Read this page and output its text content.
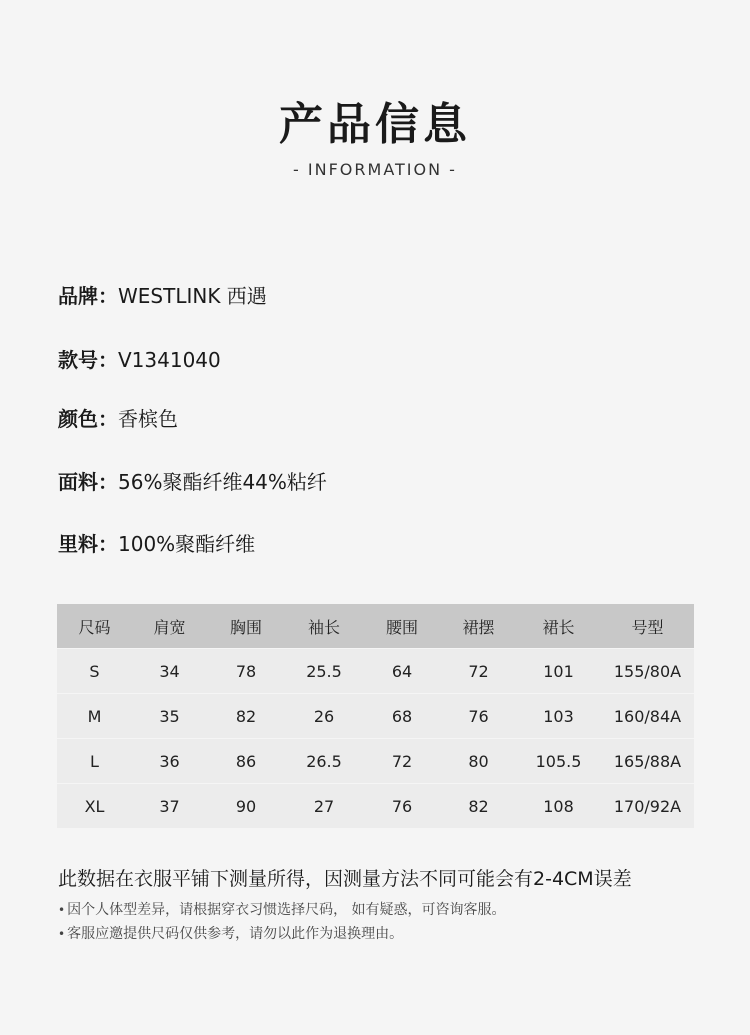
产品信息
- INFORMATION -
品牌：WESTLINK 西遇
款号：V1341040
颜色：香槟色
面料：56%聚酯纤维44%粘纤
里料：100%聚酯纤维
尺码	肩宽	胸围	袖长	腰围	裙摆	裙长	号型
S	34	78	25.5	64	72	101	155/80A
M	35	82	26	68	76	103	160/84A
L	36	86	26.5	72	80	105.5	165/88A
XL	37	90	27	76	82	108	170/92A
此数据在衣服平铺下测量所得，因测量方法不同可能会有2-4CM误差
• 因个人体型差异，请根据穿衣习惯选择尺码， 如有疑惑，可咨询客服。
• 客服应邀提供尺码仅供参考，请勿以此作为退换理由。
